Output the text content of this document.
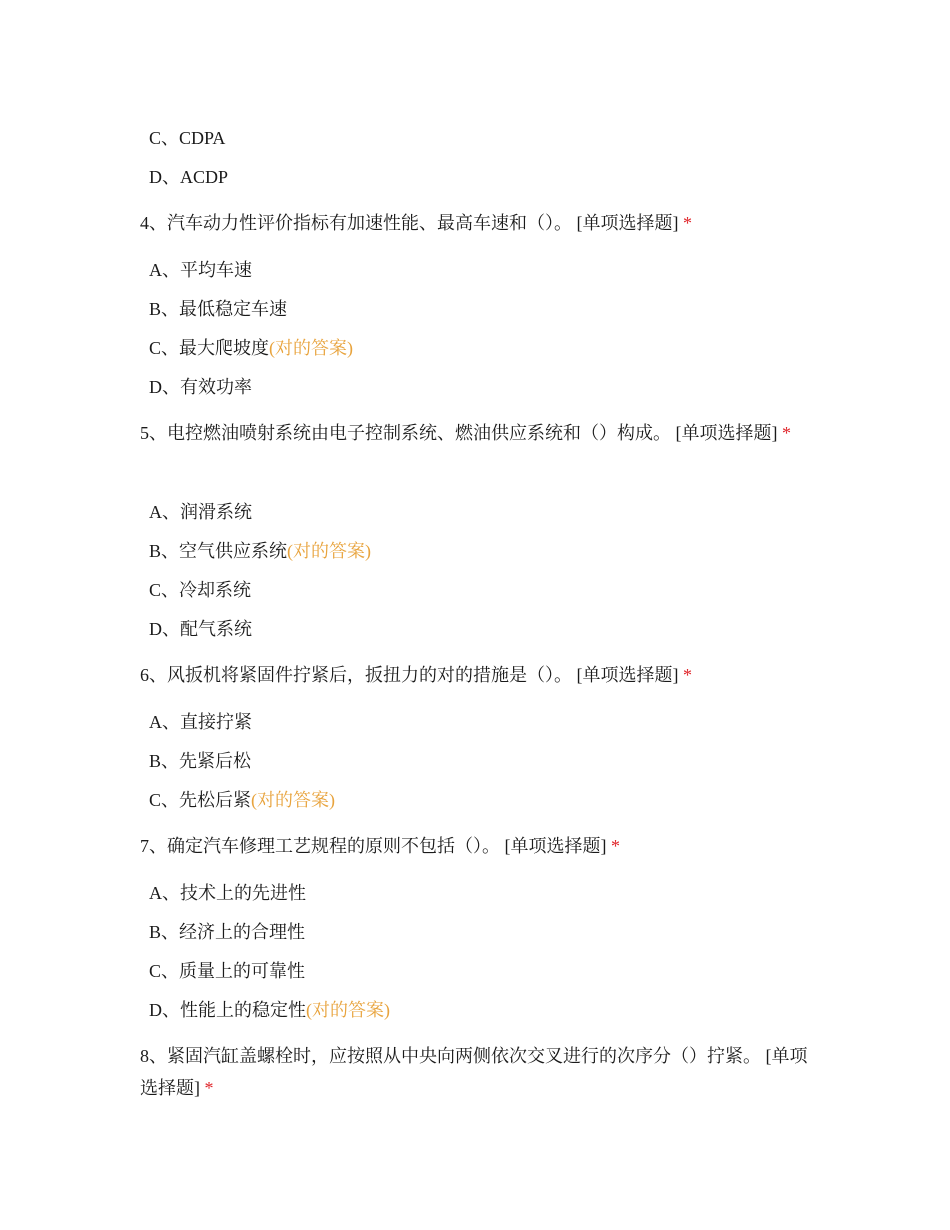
C、CDPA
D、ACDP
4、汽车动力性评价指标有加速性能、最高车速和（）。 [单项选择题] *
A、平均车速
B、最低稳定车速
C、最大爬坡度(对的答案)
D、有效功率
5、电控燃油喷射系统由电子控制系统、燃油供应系统和（）构成。 [单项选择题] *
A、润滑系统
B、空气供应系统(对的答案)
C、冷却系统
D、配气系统
6、风扳机将紧固件拧紧后，扳扭力的对的措施是（）。 [单项选择题] *
A、直接拧紧
B、先紧后松
C、先松后紧(对的答案)
7、确定汽车修理工艺规程的原则不包括（）。 [单项选择题] *
A、技术上的先进性
B、经济上的合理性
C、质量上的可靠性
D、性能上的稳定性(对的答案)
8、紧固汽缸盖螺栓时，应按照从中央向两侧依次交叉进行的次序分（）拧紧。 [单项选择题] *
